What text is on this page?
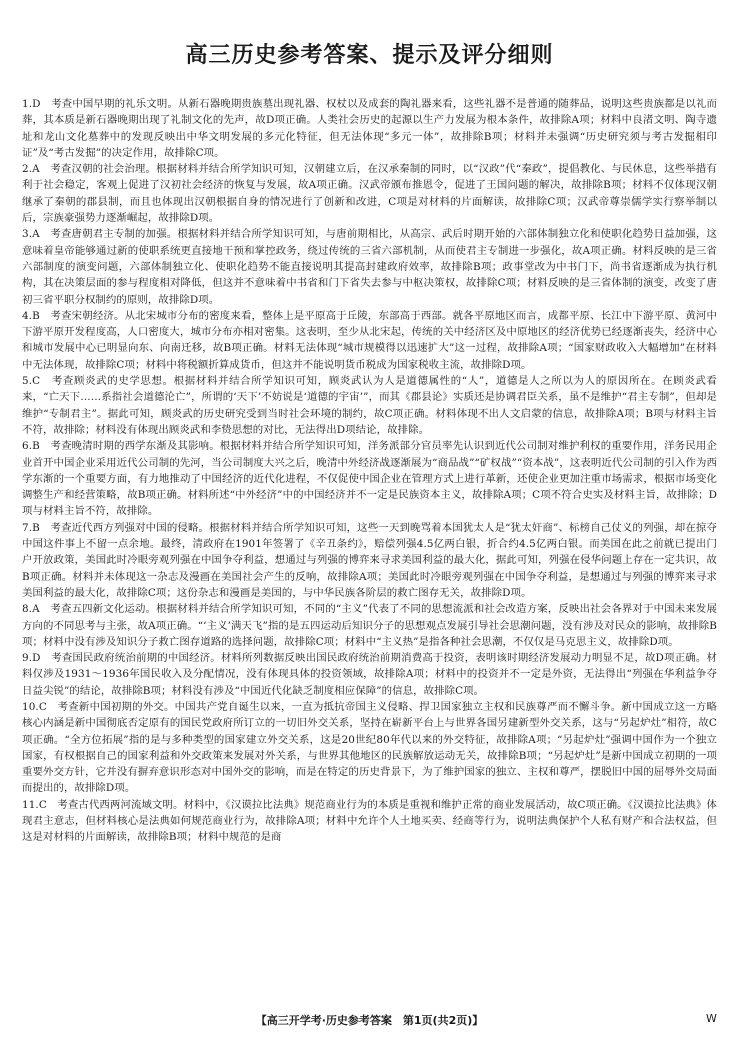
高三历史参考答案、提示及评分细则

1.D　考查中国早期的礼乐文明。从新石器晚期贵族墓出现礼器、权杖以及成套的陶礼器来看，这些礼器不是普通的随葬品，说明这些贵族都是以礼而葬，其本质是新石器晚期出现了礼制文化的先声，故D项正确。人类社会历史的起源以生产力发展为根本条件，故排除A项；材料中良渚文明、陶寺遗址和龙山文化墓葬中的发现反映出中华文明发展的多元化特征，但无法体现“多元一体”，故排除B项；材料并未强调“历史研究须与考古发掘相印证”及“考古发掘”的决定作用，故排除C项。

2.A　考查汉朝的社会治理。根据材料并结合所学知识可知，汉朝建立后，在汉承秦制的同时，以“汉政”代“秦政”，提倡教化、与民休息，这些举措有利于社会稳定，客观上促进了汉初社会经济的恢复与发展，故A项正确。汉武帝颁布推恩令，促进了王国问题的解决，故排除B项；材料不仅体现汉朝继承了秦朝的郡县制，而且也体现出汉朝根据自身的情况进行了创新和改进，C项是对材料的片面解读，故排除C项；汉武帝尊崇儒学实行察举制以后，宗族豪强势力逐渐崛起，故排除D项。

3.A　考查唐朝君主专制的加强。根据材料并结合所学知识可知，与唐前期相比，从高宗、武后时期开始的六部体制独立化和使职化趋势日益加强，这意味着皇帝能够通过新的使职系统更直接地干预和掌控政务，绕过传统的三省六部机制，从而使君主专制进一步强化，故A项正确。材料反映的是三省六部制度的演变问题，六部体制独立化、使职化趋势不能直接说明其提高封建政府效率，故排除B项；政事堂改为中书门下，尚书省逐渐成为执行机构，其在决策层面的参与程度相对降低，但这并不意味着中书省和门下省失去参与中枢决策权，故排除C项；材料反映的是三省体制的演变，改变了唐初三省平职分权制约的原则，故排除D项。

4.B　考查宋朝经济。从北宋城市分布的密度来看，整体上是平原高于丘陵，东部高于西部。就各平原地区而言，成都平原、长江中下游平原、黄河中下游平原开发程度高，人口密度大，城市分布亦相对密集。这表明，至少从北宋起，传统的关中经济区及中原地区的经济优势已经逐渐丧失，经济中心和城市发展中心已明显向东、向南迁移，故B项正确。材料无法体现“城市规模得以迅速扩大”这一过程，故排除A项；“国家财政收入大幅增加”在材料中无法体现，故排除C项；材料中将税额折算成货币，但这并不能说明货币税成为国家税收主流，故排除D项。

5.C　考查顾炎武的史学思想。根据材料并结合所学知识可知，顾炎武认为人是道德属性的“人”，道德是人之所以为人的原因所在。在顾炎武看来，“亡天下……系指社会道德沦亡”，所谓的‘天下’不妨说是‘道德的宇宙’”，而其《郡县论》实质还是协调君臣关系，虽不是维护“君主专制”，但却是维护“专制君主”。据此可知，顾炎武的历史研究受到当时社会环境的制约，故C项正确。材料体现不出人文启蒙的信息，故排除A项；B项与材料主旨不符，故排除；材料没有体现出顾炎武和李贽思想的对比，无法得出D项结论，故排除。

6.B　考查晚清时期的西学东渐及其影响。根据材料并结合所学知识可知，洋务派部分官员率先认识到近代公司制对维护利权的重要作用，洋务民用企业首开中国企业采用近代公司制的先河，当公司制度大兴之后，晚清中外经济战逐渐展为“商品战”“矿权战”“资本战”，这表明近代公司制的引入作为西学东渐的一个重要方面，有力地推动了中国经济的近代化进程，不仅促使中国企业在管理方式上进行革新，还使企业更加注重市场需求，根据市场变化调整生产和经营策略，故B项正确。材料所述“中外经济”中的中国经济并不一定是民族资本主义，故排除A项；C项不符合史实及材料主旨，故排除；D项与材料主旨不符，故排除。

7.B　考查近代西方列强对中国的侵略。根据材料并结合所学知识可知，这些一天到晚骂着本国犹太人是“犹太奸商”、标榜自己仗义的列强，却在掠夺中国这件事上不留一点余地。最终，清政府在1901年签署了《辛丑条约》，赔偿列强4.5亿两白银，折合约4.5亿两白银。而美国在此之前就已提出门户开放政策，美国此时冷眼旁观列强在中国争夺利益，想通过与列强的博弈来寻求美国利益的最大化，据此可知，列强在侵华问题上存在一定共识，故B项正确。材料并未体现这一杂志及漫画在美国社会产生的反响，故排除A项；美国此时冷眼旁观列强在中国争夺利益，是想通过与列强的博弈来寻求美国利益的最大化，故排除C项；这份杂志和漫画是美国的，与中华民族各阶层的救亡图存无关，故排除D项。

8.A　考查五四新文化运动。根据材料并结合所学知识可知，不同的“主义”代表了不同的思想流派和社会改造方案，反映出社会各界对于中国未来发展方向的不同思考与主张，故A项正确。“‘主义’满天飞”指的是五四运动后知识分子的思想观点发展引导社会思潮问题，没有涉及对民众的影响，故排除B项；材料中没有涉及知识分子救亡图存道路的选择问题，故排除C项；材料中“主义热”是指各种社会思潮，不仅仅是马克思主义，故排除D项。

9.D　考查国民政府统治前期的中国经济。材料所列数据反映出国民政府统治前期消费高于投资，表明该时期经济发展动力明显不足，故D项正确。材料仅涉及1931～1936年国民收入及分配情况，没有体现具体的投资领域，故排除A项；材料中的投资并不一定是外资，无法得出“列强在华利益争夺日益尖锐”的结论，故排除B项；材料没有涉及“中国近代化缺乏制度相应保障”的信息，故排除C项。

10.C　考查新中国初期的外交。中国共产党自诞生以来，一直为抵抗帝国主义侵略、捍卫国家独立主权和民族尊严而不懈斗争。新中国成立这一方略核心内涵是新中国彻底否定原有的国民党政府所订立的一切旧外交关系，坚持在崭新平台上与世界各国另建新型外交关系，这与“另起炉灶”相符，故C项正确。“全方位拓展”指的是与多种类型的国家建立外交关系，这是20世纪80年代以来的外交特征，故排除A项；“另起炉灶”强调中国作为一个独立国家，有权根据自己的国家利益和外交政策来发展对外关系，与世界其他地区的民族解放运动无关，故排除B项；“另起炉灶”是新中国成立初期的一项重要外交方针，它并没有摒弃意识形态对中国外交的影响，而是在特定的历史背景下，为了维护国家的独立、主权和尊严，摆脱旧中国的屈辱外交局面而提出的，故排除D项。

11.C　考查古代西两河流域文明。材料中，《汉谟拉比法典》规范商业行为的本质是重视和维护正常的商业发展活动，故C项正确。《汉谟拉比法典》体现君主意志，但材料核心是法典如何规范商业行为，故排除A项；材料中允许个人土地买卖、经商等行为，说明法典保护个人私有财产和合法权益，但这是对材料的片面解读，故排除B项；材料中规范的是商

【高三开学考·历史参考答案　第1页(共2页)】	W
